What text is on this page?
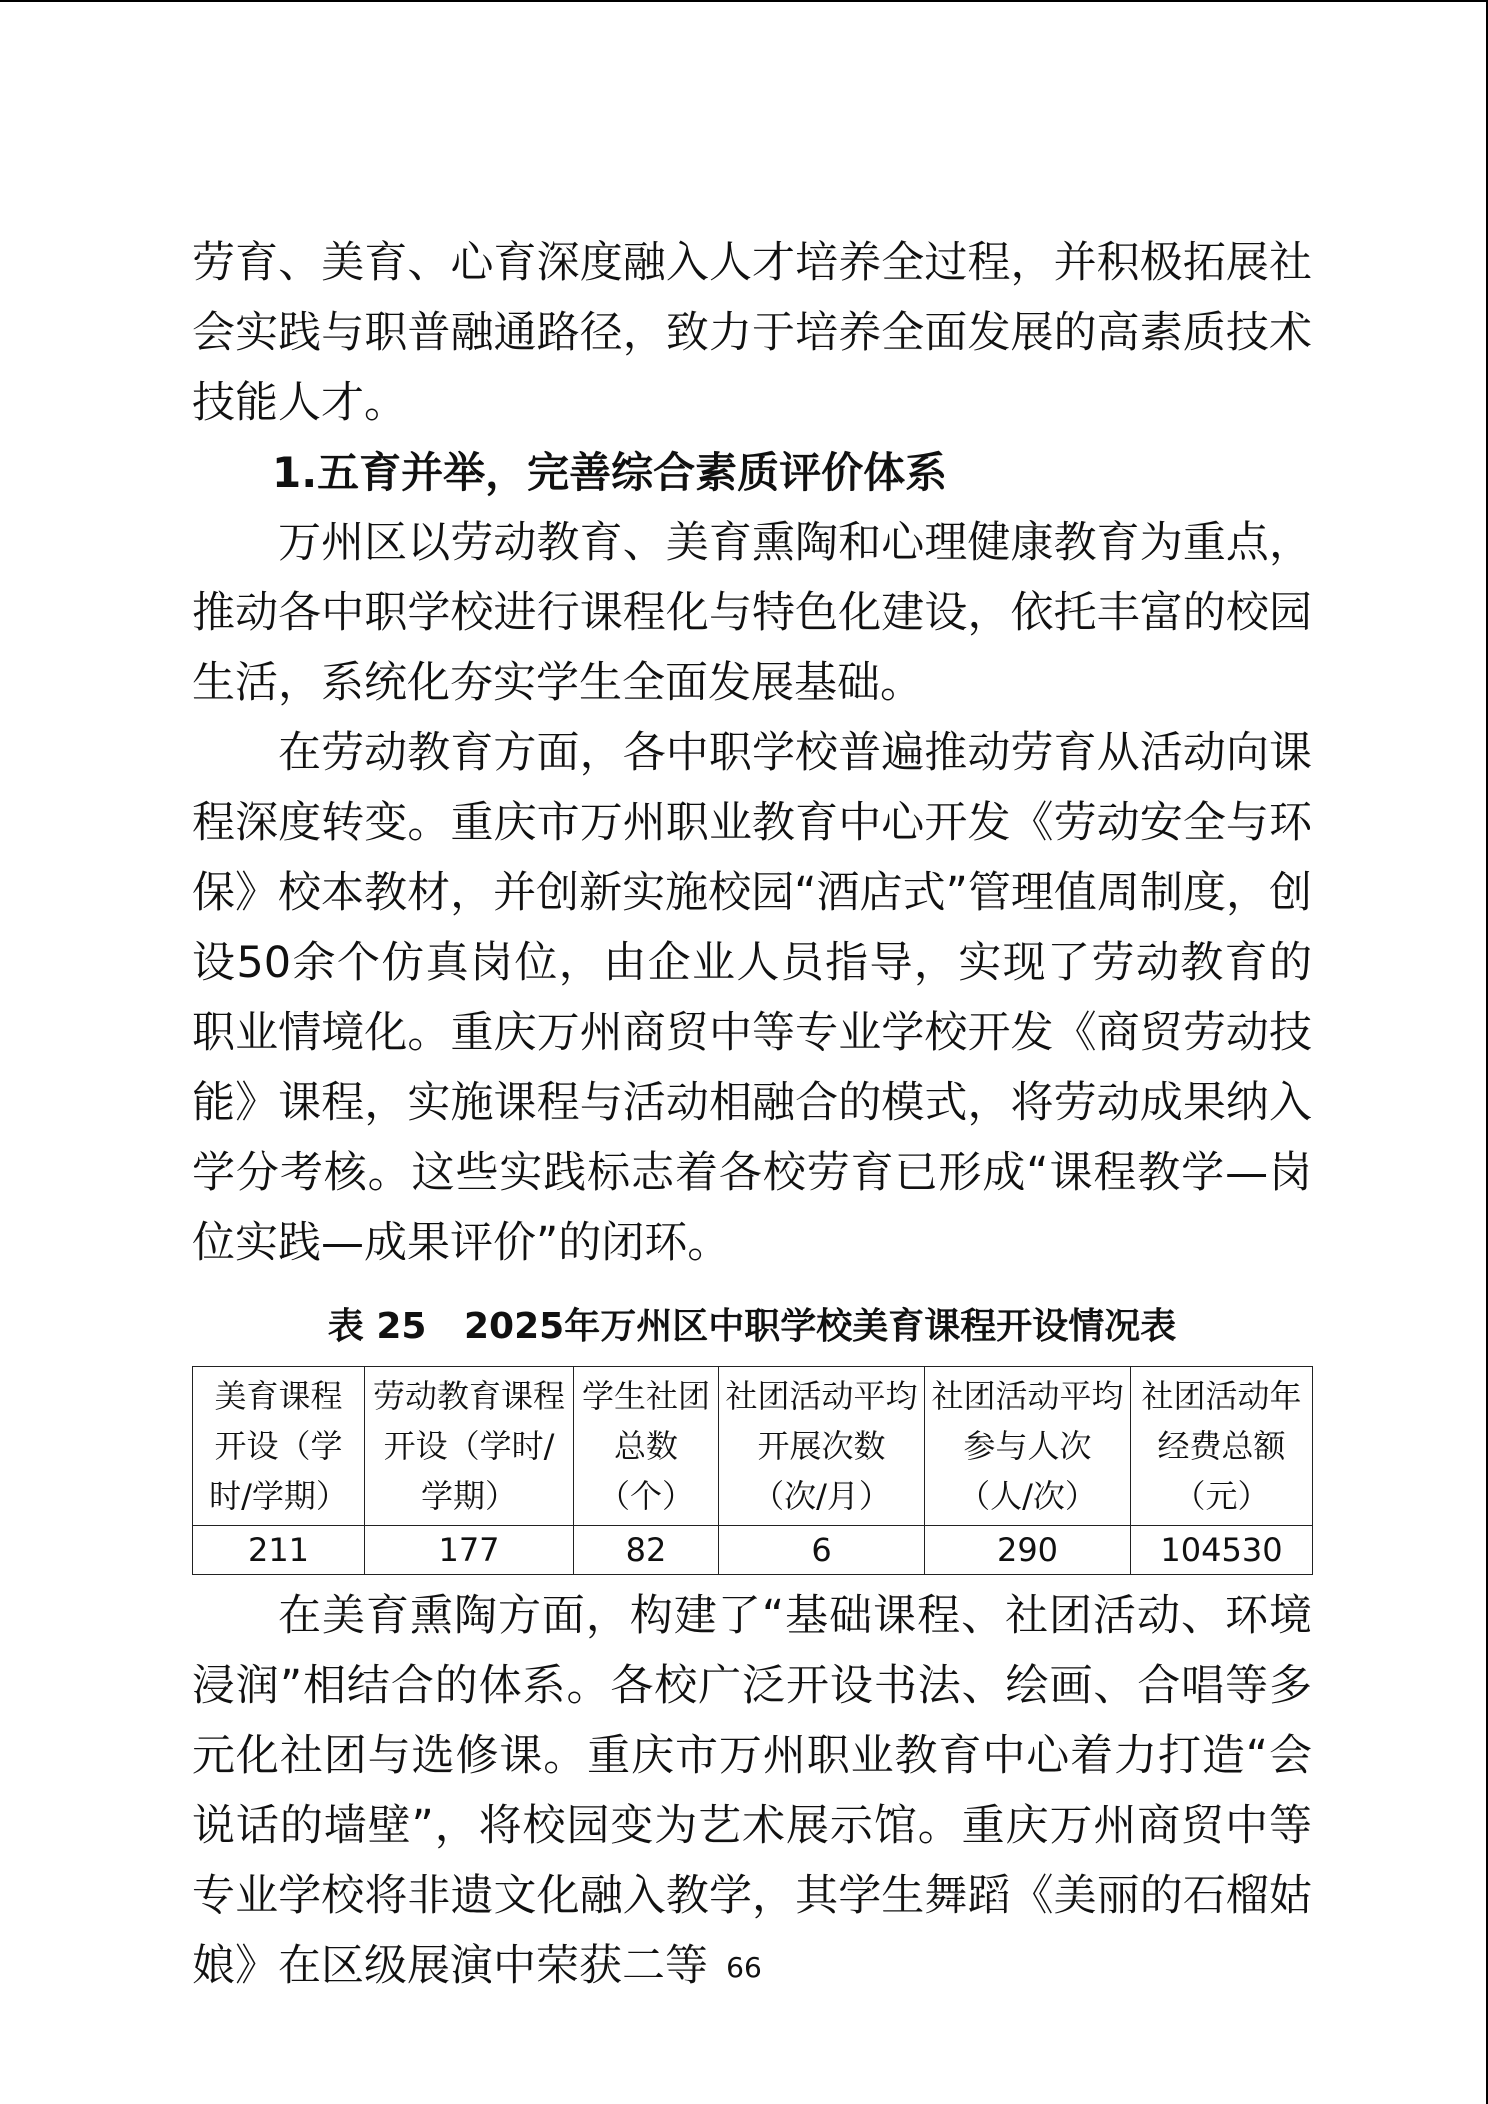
劳育、美育、心育深度融入人才培养全过程，并积极拓展社会实践与职普融通路径，致力于培养全面发展的高素质技术技能人才。

1.五育并举，完善综合素质评价体系

万州区以劳动教育、美育熏陶和心理健康教育为重点，推动各中职学校进行课程化与特色化建设，依托丰富的校园生活，系统化夯实学生全面发展基础。

在劳动教育方面，各中职学校普遍推动劳育从活动向课程深度转变。重庆市万州职业教育中心开发《劳动安全与环保》校本教材，并创新实施校园“酒店式”管理值周制度，创设50余个仿真岗位，由企业人员指导，实现了劳动教育的职业情境化。重庆万州商贸中等专业学校开发《商贸劳动技能》课程，实施课程与活动相融合的模式，将劳动成果纳入学分考核。这些实践标志着各校劳育已形成“课程教学—岗位实践—成果评价”的闭环。

表 25   2025年万州区中职学校美育课程开设情况表

美育课程开设（学时/学期）	劳动教育课程开设（学时/学期）	学生社团总数（个）	社团活动平均开展次数（次/月）	社团活动平均参与人次（人/次）	社团活动年经费总额（元）
211	177	82	6	290	104530

在美育熏陶方面，构建了“基础课程、社团活动、环境浸润”相结合的体系。各校广泛开设书法、绘画、合唱等多元化社团与选修课。重庆市万州职业教育中心着力打造“会说话的墙壁”，将校园变为艺术展示馆。重庆万州商贸中等专业学校将非遗文化融入教学，其学生舞蹈《美丽的石榴姑娘》在区级展演中荣获二等 66
